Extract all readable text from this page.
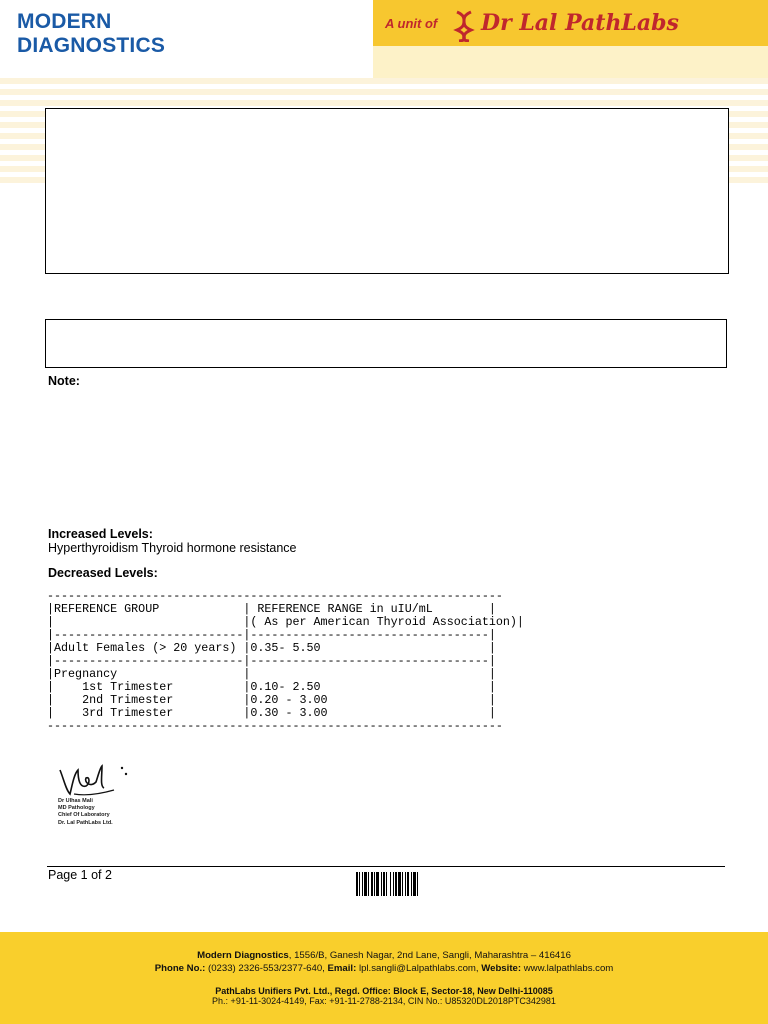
MODERN
DIAGNOSTICS
A unit of Dr Lal PathLabs
Note:
Increased Levels:
Hyperthyroidism Thyroid hormone resistance
Decreased Levels:
-----------------------------------------------------------------
|REFERENCE GROUP            | REFERENCE RANGE in uIU/mL        |
|                           |( As per American Thyroid Association)|
|---------------------------|----------------------------------|
|Adult Females (> 20 years) |0.35- 5.50                        |
|---------------------------|----------------------------------|
|Pregnancy                  |                                  |
|    1st Trimester          |0.10- 2.50                        |
|    2nd Trimester          |0.20 - 3.00                       |
|    3rd Trimester          |0.30 - 3.00                       |
-----------------------------------------------------------------
Dr Ulhas Mali
MD Pathology
Chief Of Laboratory
Dr. Lal PathLabs Ltd.
Page 1 of 2
Modern Diagnostics, 1556/B, Ganesh Nagar, 2nd Lane, Sangli, Maharashtra – 416416
Phone No.: (0233) 2326-553/2377-640, Email: lpl.sangli@Lalpathlabs.com, Website: www.lalpathlabs.com
PathLabs Unifiers Pvt. Ltd., Regd. Office: Block E, Sector-18, New Delhi-110085
Ph.: +91-11-3024-4149, Fax: +91-11-2788-2134, CIN No.: U85320DL2018PTC342981
